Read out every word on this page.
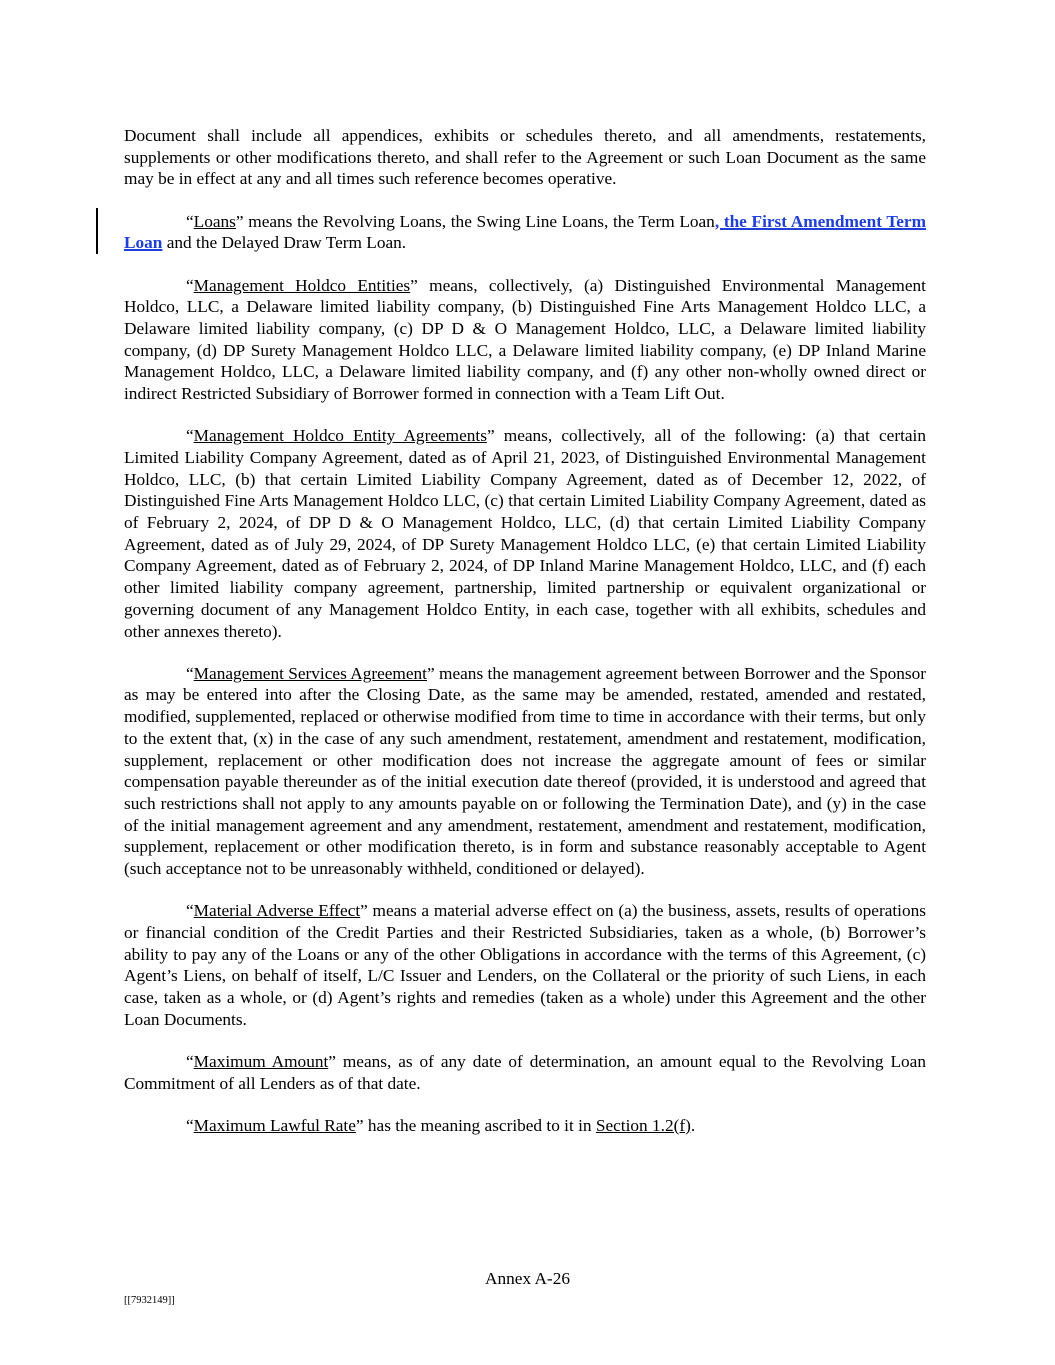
Document shall include all appendices, exhibits or schedules thereto, and all amendments, restatements, supplements or other modifications thereto, and shall refer to the Agreement or such Loan Document as the same may be in effect at any and all times such reference becomes operative.

“Loans” means the Revolving Loans, the Swing Line Loans, the Term Loan, the First Amendment Term Loan and the Delayed Draw Term Loan.

“Management Holdco Entities” means, collectively, (a) Distinguished Environmental Management Holdco, LLC, a Delaware limited liability company, (b) Distinguished Fine Arts Management Holdco LLC, a Delaware limited liability company, (c) DP D & O Management Holdco, LLC, a Delaware limited liability company, (d) DP Surety Management Holdco LLC, a Delaware limited liability company, (e) DP Inland Marine Management Holdco, LLC, a Delaware limited liability company, and (f) any other non-wholly owned direct or indirect Restricted Subsidiary of Borrower formed in connection with a Team Lift Out.

“Management Holdco Entity Agreements” means, collectively, all of the following: (a) that certain Limited Liability Company Agreement, dated as of April 21, 2023, of Distinguished Environmental Management Holdco, LLC, (b) that certain Limited Liability Company Agreement, dated as of December 12, 2022, of Distinguished Fine Arts Management Holdco LLC, (c) that certain Limited Liability Company Agreement, dated as of February 2, 2024, of DP D & O Management Holdco, LLC, (d) that certain Limited Liability Company Agreement, dated as of July 29, 2024, of DP Surety Management Holdco LLC, (e) that certain Limited Liability Company Agreement, dated as of February 2, 2024, of DP Inland Marine Management Holdco, LLC, and (f) each other limited liability company agreement, partnership, limited partnership or equivalent organizational or governing document of any Management Holdco Entity, in each case, together with all exhibits, schedules and other annexes thereto).

“Management Services Agreement” means the management agreement between Borrower and the Sponsor as may be entered into after the Closing Date, as the same may be amended, restated, amended and restated, modified, supplemented, replaced or otherwise modified from time to time in accordance with their terms, but only to the extent that, (x) in the case of any such amendment, restatement, amendment and restatement, modification, supplement, replacement or other modification does not increase the aggregate amount of fees or similar compensation payable thereunder as of the initial execution date thereof (provided, it is understood and agreed that such restrictions shall not apply to any amounts payable on or following the Termination Date), and (y) in the case of the initial management agreement and any amendment, restatement, amendment and restatement, modification, supplement, replacement or other modification thereto, is in form and substance reasonably acceptable to Agent (such acceptance not to be unreasonably withheld, conditioned or delayed).

“Material Adverse Effect” means a material adverse effect on (a) the business, assets, results of operations or financial condition of the Credit Parties and their Restricted Subsidiaries, taken as a whole, (b) Borrower’s ability to pay any of the Loans or any of the other Obligations in accordance with the terms of this Agreement, (c) Agent’s Liens, on behalf of itself, L/C Issuer and Lenders, on the Collateral or the priority of such Liens, in each case, taken as a whole, or (d) Agent’s rights and remedies (taken as a whole) under this Agreement and the other Loan Documents.

“Maximum Amount” means, as of any date of determination, an amount equal to the Revolving Loan Commitment of all Lenders as of that date.

“Maximum Lawful Rate” has the meaning ascribed to it in Section 1.2(f).

Annex A-26
[[7932149]]
